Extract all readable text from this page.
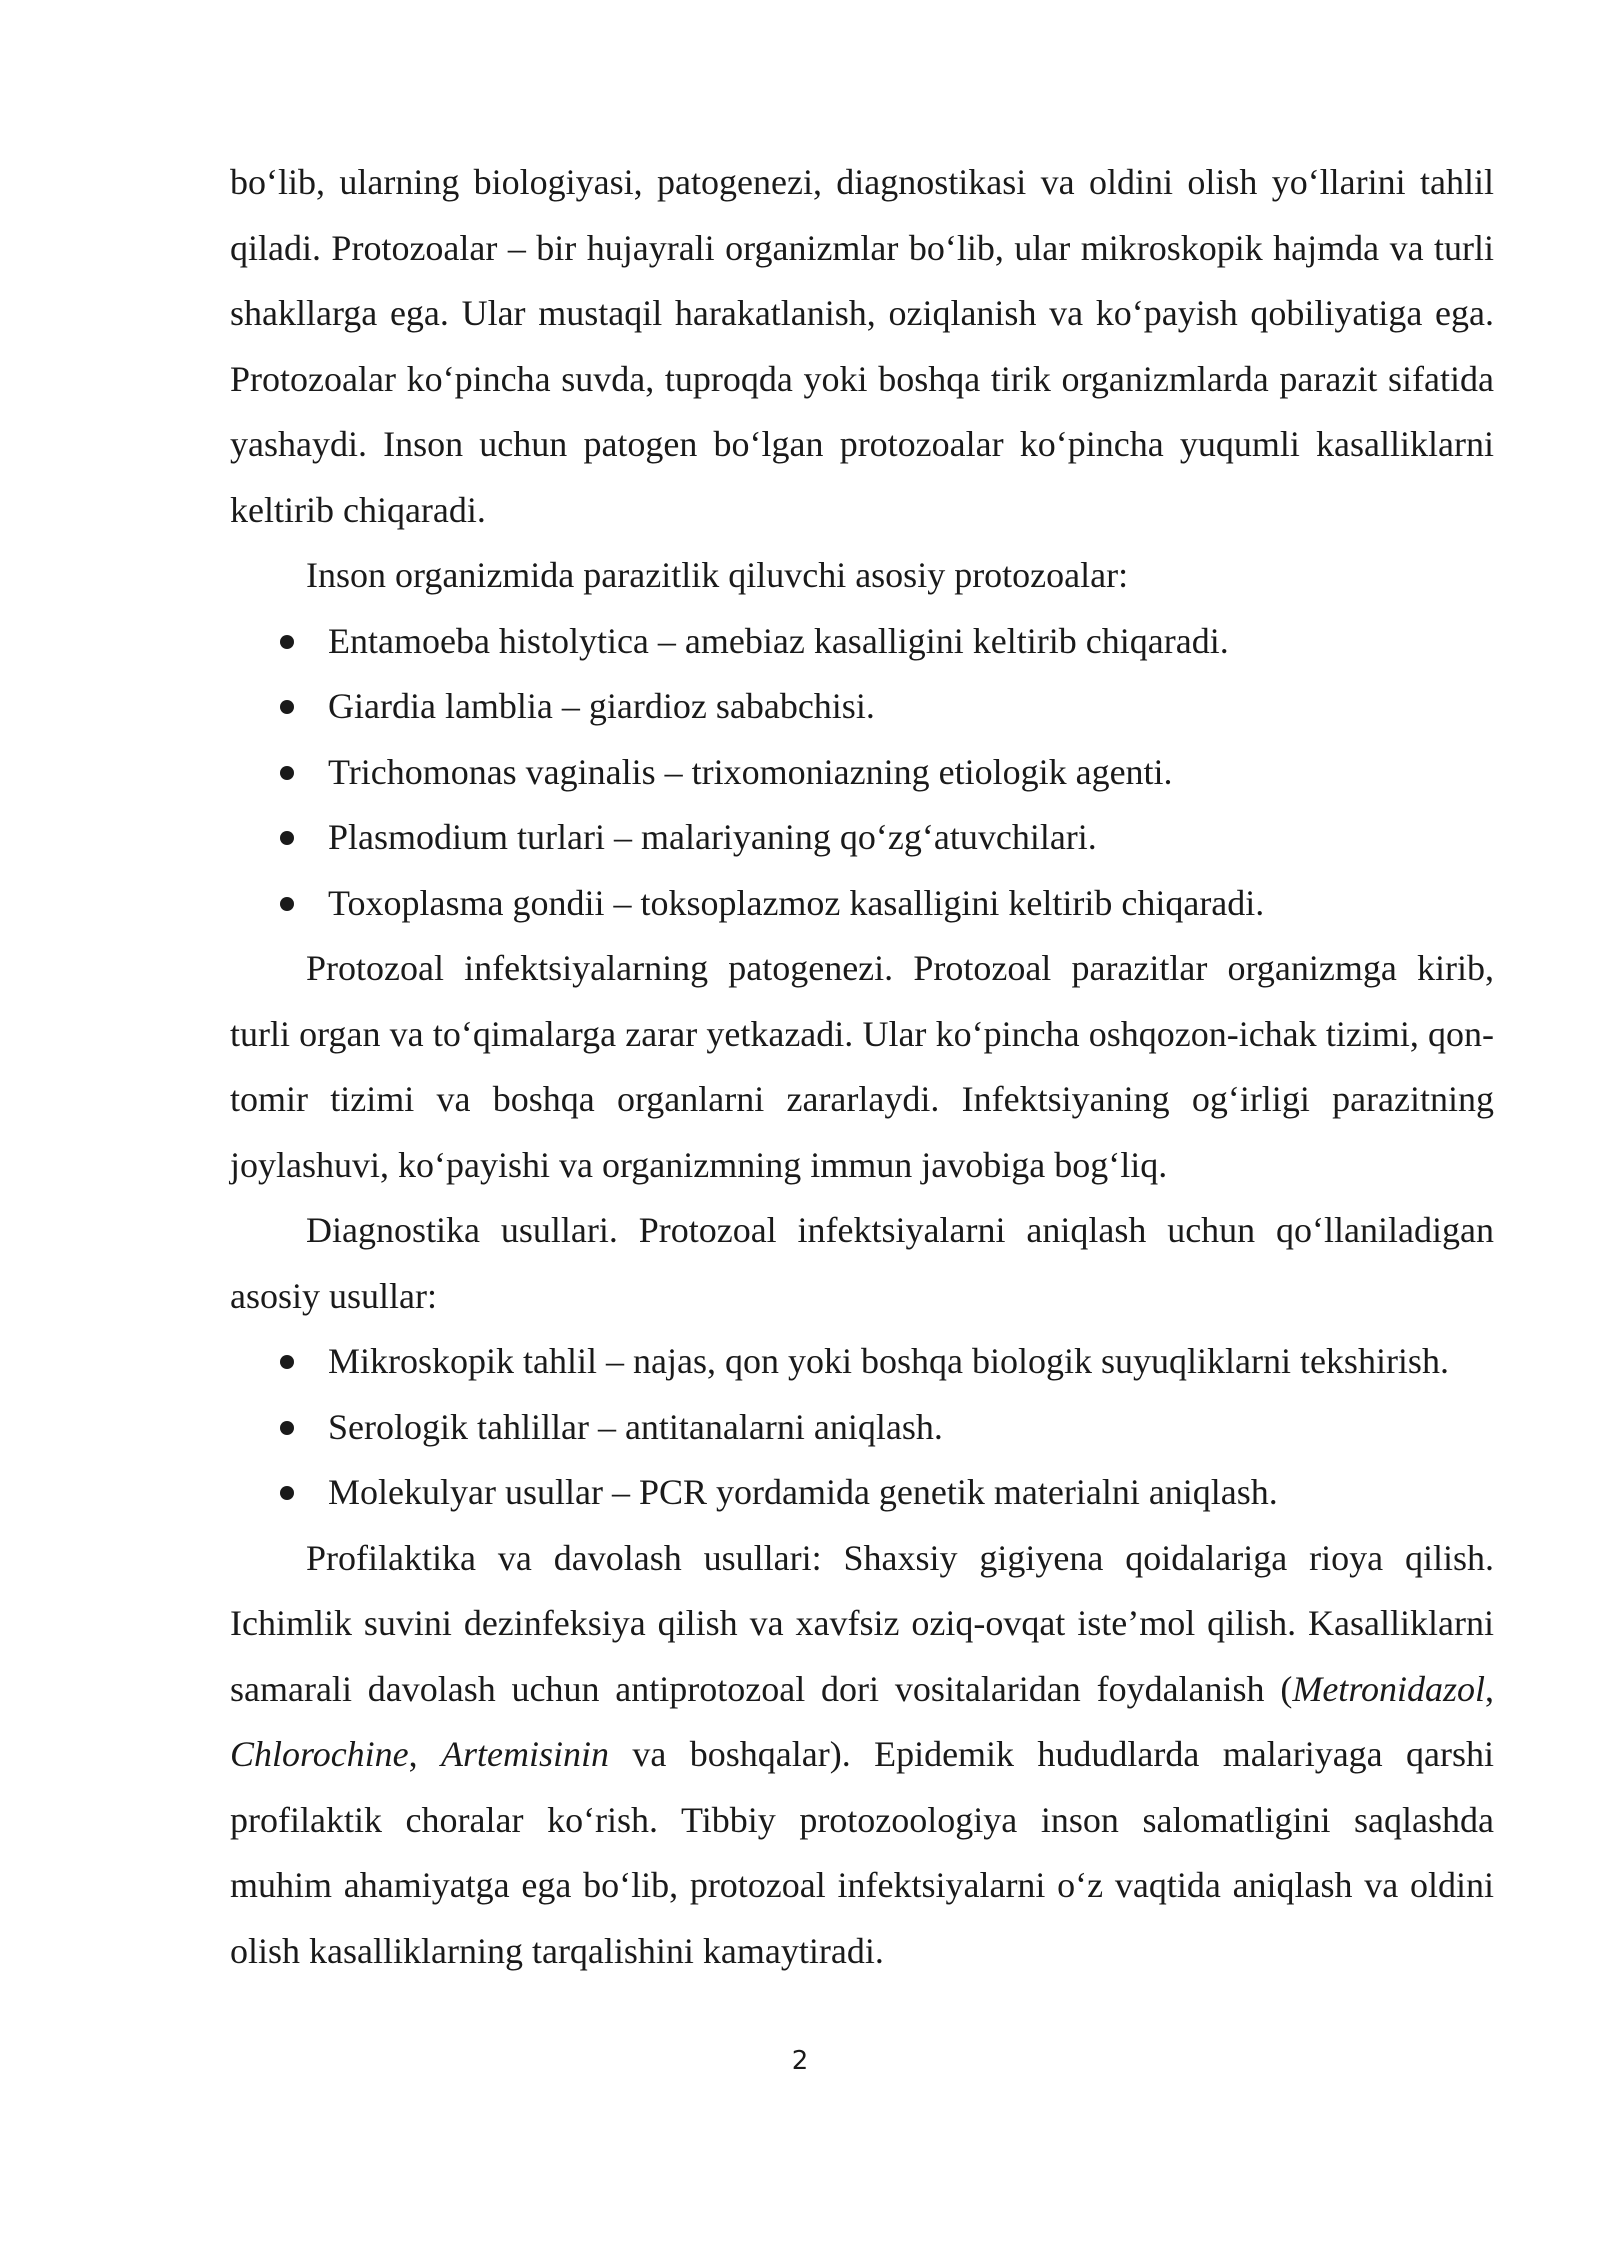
bo‘lib, ularning biologiyasi, patogenezi, diagnostikasi va oldini olish yo‘llarini tahlil qiladi. Protozoalar – bir hujayrali organizmlar bo‘lib, ular mikroskopik hajmda va turli shakllarga ega. Ular mustaqil harakatlanish, oziqlanish va ko‘payish qobiliyatiga ega. Protozoalar ko‘pincha suvda, tuproqda yoki boshqa tirik organizmlarda parazit sifatida yashaydi. Inson uchun patogen bo‘lgan protozoalar ko‘pincha yuqumli kasalliklarni keltirib chiqaradi.

Inson organizmida parazitlik qiluvchi asosiy protozoalar:

Entamoeba histolytica – amebiaz kasalligini keltirib chiqaradi.
Giardia lamblia – giardioz sababchisi.
Trichomonas vaginalis – trixomoniazning etiologik agenti.
Plasmodium turlari – malariyaning qo‘zg‘atuvchilari.
Toxoplasma gondii – toksoplazmoz kasalligini keltirib chiqaradi.

Protozoal infektsiyalarning patogenezi. Protozoal parazitlar organizmga kirib, turli organ va to‘qimalarga zarar yetkazadi. Ular ko‘pincha oshqozon-ichak tizimi, qon-tomir tizimi va boshqa organlarni zararlaydi. Infektsiyaning og‘irligi parazitning joylashuvi, ko‘payishi va organizmning immun javobiga bog‘liq.

Diagnostika usullari. Protozoal infektsiyalarni aniqlash uchun qo‘llaniladigan asosiy usullar:

Mikroskopik tahlil – najas, qon yoki boshqa biologik suyuqliklarni tekshirish.
Serologik tahlillar – antitanalarni aniqlash.
Molekulyar usullar – PCR yordamida genetik materialni aniqlash.

Profilaktika va davolash usullari: Shaxsiy gigiyena qoidalariga rioya qilish. Ichimlik suvini dezinfeksiya qilish va xavfsiz oziq-ovqat iste’mol qilish. Kasalliklarni samarali davolash uchun antiprotozoal dori vositalaridan foydalanish (Metronidazol, Chlorochine, Artemisinin va boshqalar). Epidemik hududlarda malariyaga qarshi profilaktik choralar ko‘rish. Tibbiy protozoologiya inson salomatligini saqlashda muhim ahamiyatga ega bo‘lib, protozoal infektsiyalarni o‘z vaqtida aniqlash va oldini olish kasalliklarning tarqalishini kamaytiradi.

2
